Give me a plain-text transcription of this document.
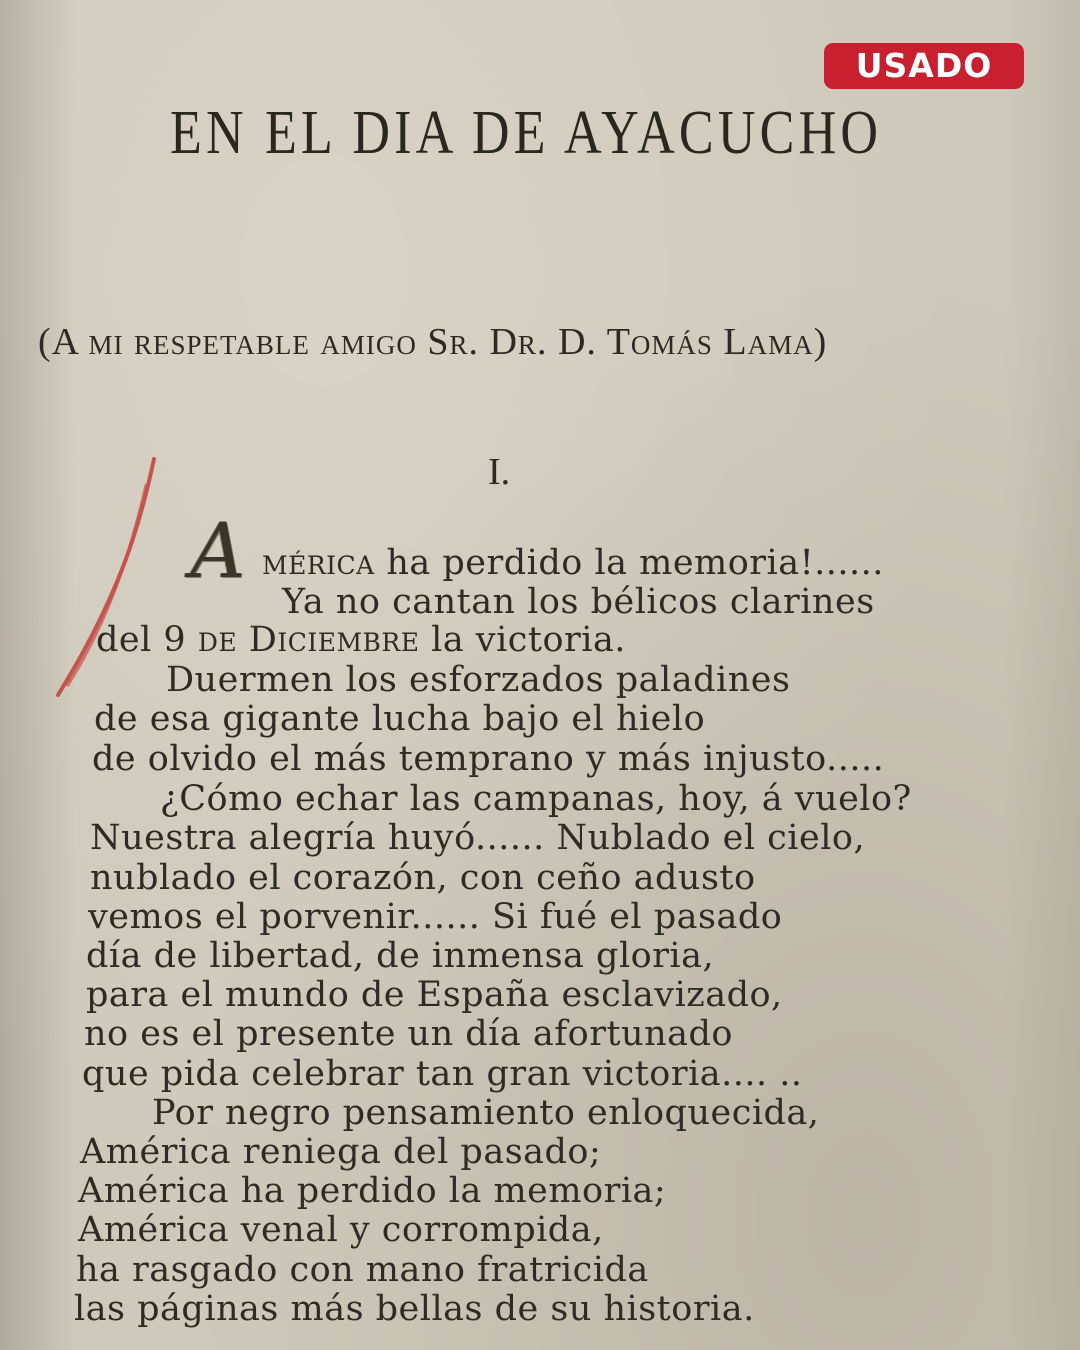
USADO
EN EL DIA DE AYACUCHO
(A mi respetable amigo Sr. Dr. D. Tomás Lama)
I.
A mérica ha perdido la memoria!......
Ya no cantan los bélicos clarines
del 9 de Diciembre la victoria.
Duermen los esforzados paladines
de esa gigante lucha bajo el hielo
de olvido el más temprano y más injusto.....
¿Cómo echar las campanas, hoy, á vuelo?
Nuestra alegría huyó...... Nublado el cielo,
nublado el corazón, con ceño adusto
vemos el porvenir...... Si fué el pasado
día de libertad, de inmensa gloria,
para el mundo de España esclavizado,
no es el presente un día afortunado
que pida celebrar tan gran victoria.... ..
Por negro pensamiento enloquecida,
América reniega del pasado;
América ha perdido la memoria;
América venal y corrompida,
ha rasgado con mano fratricida
las páginas más bellas de su historia.
